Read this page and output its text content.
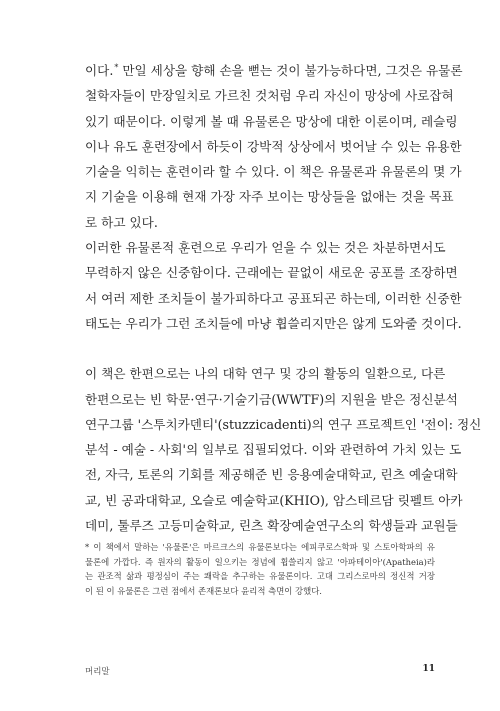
이다.* 만일 세상을 향해 손을 뻗는 것이 불가능하다면, 그것은 유물론
철학자들이 만장일치로 가르친 것처럼 우리 자신이 망상에 사로잡혀
있기 때문이다. 이렇게 볼 때 유물론은 망상에 대한 이론이며, 레슬링
이나 유도 훈련장에서 하듯이 강박적 상상에서 벗어날 수 있는 유용한
기술을 익히는 훈련이라 할 수 있다. 이 책은 유물론과 유물론의 몇 가
지 기술을 이용해 현재 가장 자주 보이는 망상들을 없애는 것을 목표
로 하고 있다.
이러한 유물론적 훈련으로 우리가 얻을 수 있는 것은 차분하면서도
무력하지 않은 신중함이다. 근래에는 끝없이 새로운 공포를 조장하면
서 여러 제한 조치들이 불가피하다고 공표되곤 하는데, 이러한 신중한
태도는 우리가 그런 조치들에 마냥 휩쓸리지만은 않게 도와줄 것이다.
이 책은 한편으로는 나의 대학 연구 및 강의 활동의 일환으로, 다른
한편으로는 빈 학문·연구·기술기금(WWTF)의 지원을 받은 정신분석
연구그룹 '스투치카덴티'(stuzzicadenti)의 연구 프로젝트인 '전이: 정신
분석 - 예술 - 사회'의 일부로 집필되었다. 이와 관련하여 가치 있는 도
전, 자극, 토론의 기회를 제공해준 빈 응용예술대학교, 린츠 예술대학
교, 빈 공과대학교, 오슬로 예술학교(KHIO), 암스테르담 릿펠트 아카
데미, 툴루즈 고등미술학교, 린츠 확장예술연구소의 학생들과 교원들
* 이 책에서 말하는 '유물론'은 마르크스의 유물론보다는 에피쿠로스학파 및 스토아학파의 유
물론에 가깝다. 즉 원자의 활동이 일으키는 정념에 휩쓸리지 않고 '아파테이아'(Apatheia)라
는 관조적 삶과 평정심이 주는 쾌락을 추구하는 유물론이다. 고대 그리스로마의 정신적 거장
이 된 이 유물론은 그런 점에서 존재론보다 윤리적 측면이 강했다.
머리말	11
